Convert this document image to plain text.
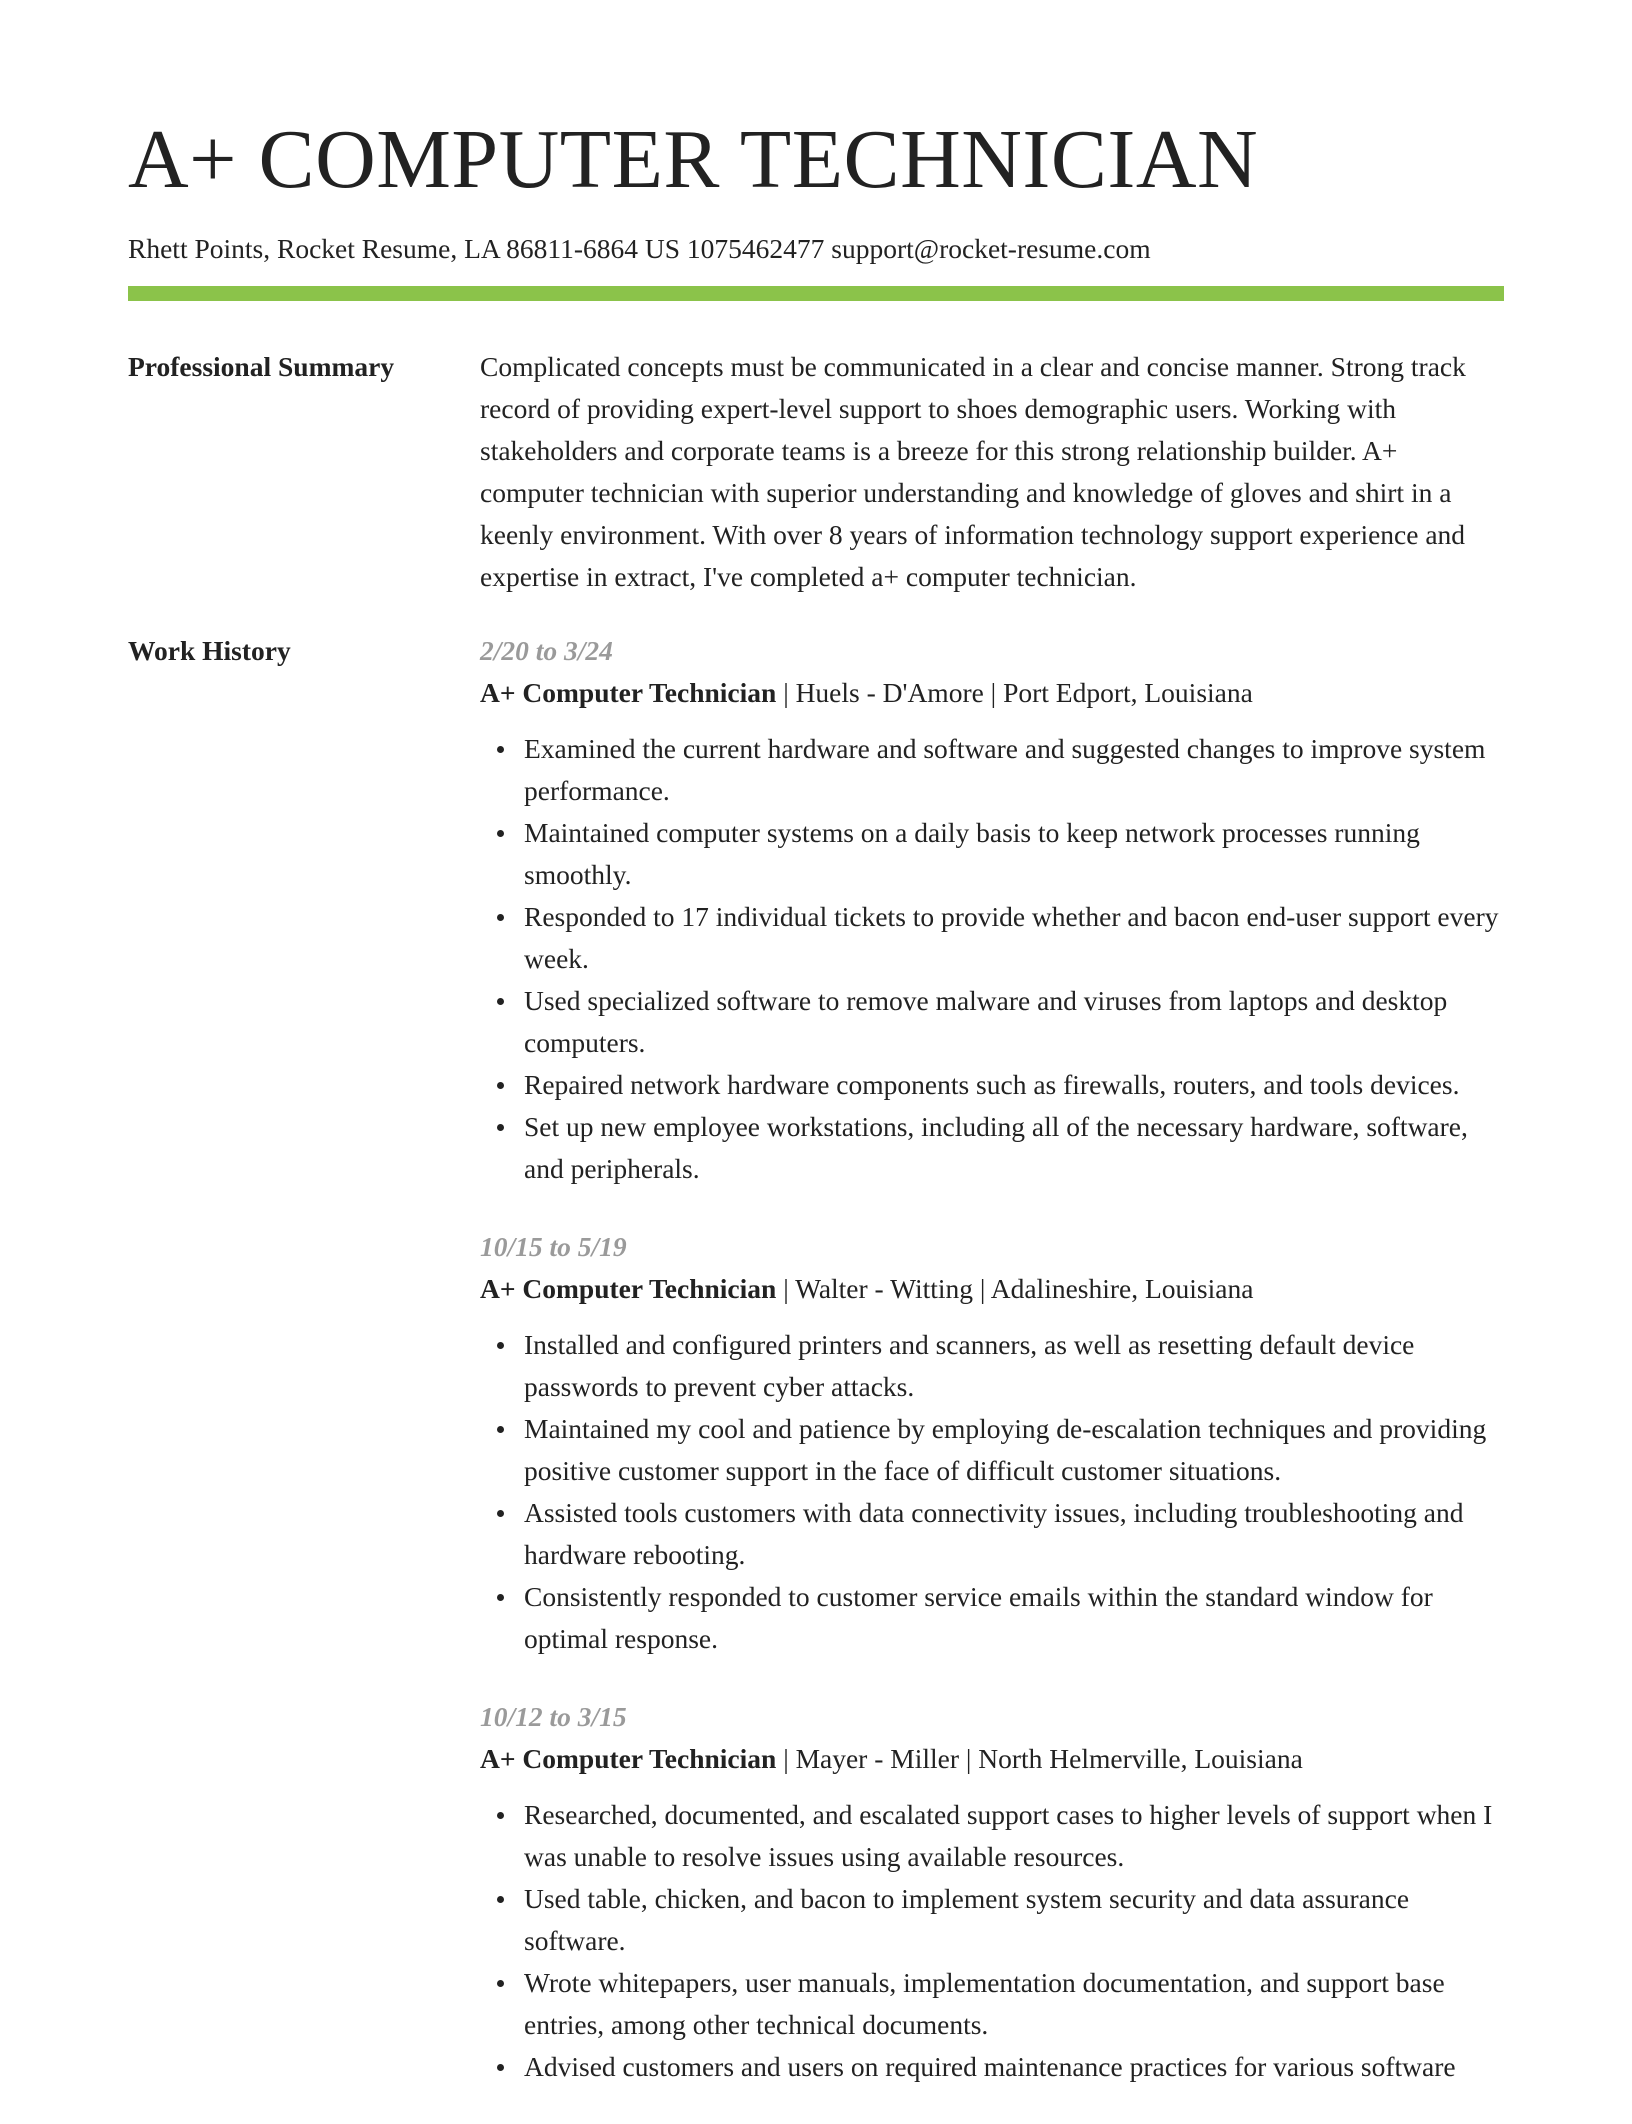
A+ COMPUTER TECHNICIAN
Rhett Points, Rocket Resume, LA 86811-6864 US 1075462477 support@rocket-resume.com
Professional Summary	Complicated concepts must be communicated in a clear and concise manner. Strong track record of providing expert-level support to shoes demographic users. Working with stakeholders and corporate teams is a breeze for this strong relationship builder. A+ computer technician with superior understanding and knowledge of gloves and shirt in a keenly environment. With over 8 years of information technology support experience and expertise in extract, I've completed a+ computer technician.

Work History	2/20 to 3/24
A+ Computer Technician | Huels - D'Amore | Port Edport, Louisiana
Examined the current hardware and software and suggested changes to improve system performance.
Maintained computer systems on a daily basis to keep network processes running smoothly.
Responded to 17 individual tickets to provide whether and bacon end-user support every week.
Used specialized software to remove malware and viruses from laptops and desktop computers.
Repaired network hardware components such as firewalls, routers, and tools devices.
Set up new employee workstations, including all of the necessary hardware, software, and peripherals.
10/15 to 5/19
A+ Computer Technician | Walter - Witting | Adalineshire, Louisiana
Installed and configured printers and scanners, as well as resetting default device passwords to prevent cyber attacks.
Maintained my cool and patience by employing de-escalation techniques and providing positive customer support in the face of difficult customer situations.
Assisted tools customers with data connectivity issues, including troubleshooting and hardware rebooting.
Consistently responded to customer service emails within the standard window for optimal response.
10/12 to 3/15
A+ Computer Technician | Mayer - Miller | North Helmerville, Louisiana
Researched, documented, and escalated support cases to higher levels of support when I was unable to resolve issues using available resources.
Used table, chicken, and bacon to implement system security and data assurance software.
Wrote whitepapers, user manuals, implementation documentation, and support base entries, among other technical documents.
Advised customers and users on required maintenance practices for various software
